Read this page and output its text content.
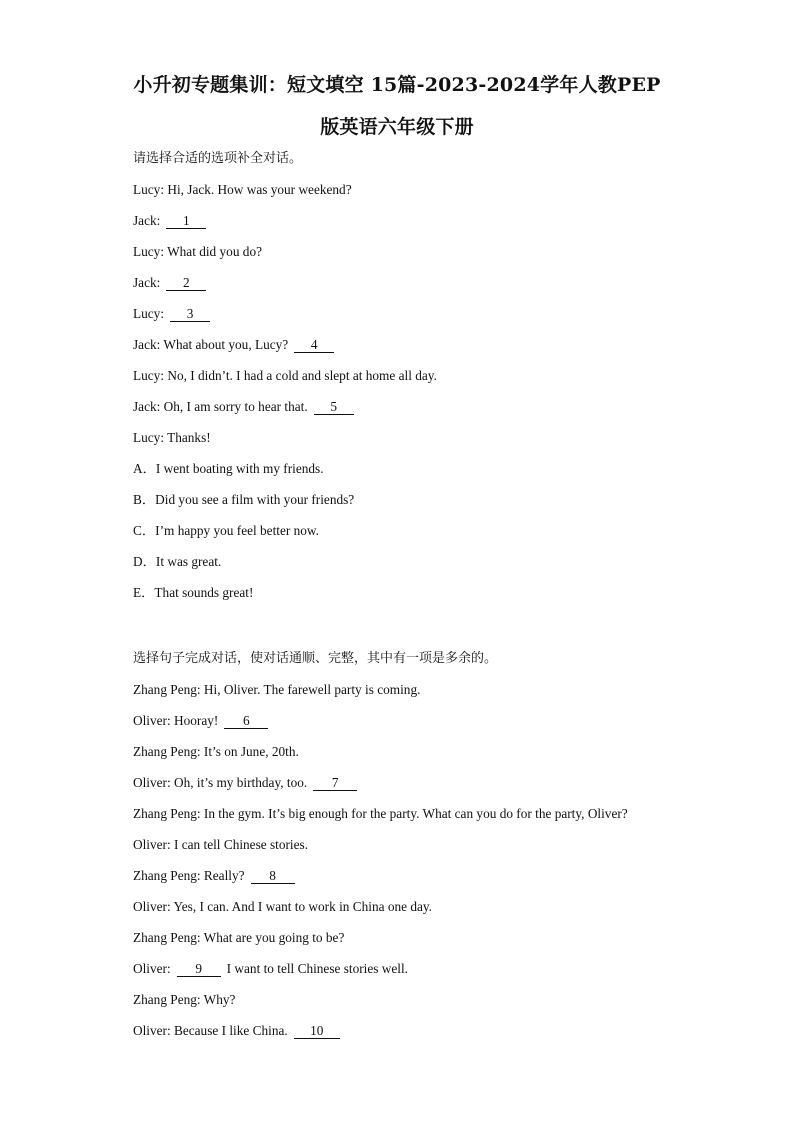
小升初专题集训：短文填空 15篇-2023-2024学年人教PEP
版英语六年级下册
请选择合适的选项补全对话。
Lucy: Hi, Jack. How was your weekend?
Jack: 1
Lucy: What did you do?
Jack: 2
Lucy: 3
Jack: What about you, Lucy? 4
Lucy: No, I didn’t. I had a cold and slept at home all day.
Jack: Oh, I am sorry to hear that. 5
Lucy: Thanks!
A．I went boating with my friends.
B．Did you see a film with your friends?
C．I’m happy you feel better now.
D．It was great.
E．That sounds great!
选择句子完成对话，使对话通顺、完整，其中有一项是多余的。
Zhang Peng: Hi, Oliver. The farewell party is coming.
Oliver: Hooray! 6
Zhang Peng: It’s on June, 20th.
Oliver: Oh, it’s my birthday, too. 7
Zhang Peng: In the gym. It’s big enough for the party. What can you do for the party, Oliver?
Oliver: I can tell Chinese stories.
Zhang Peng: Really? 8
Oliver: Yes, I can. And I want to work in China one day.
Zhang Peng: What are you going to be?
Oliver: 9 I want to tell Chinese stories well.
Zhang Peng: Why?
Oliver: Because I like China. 10
